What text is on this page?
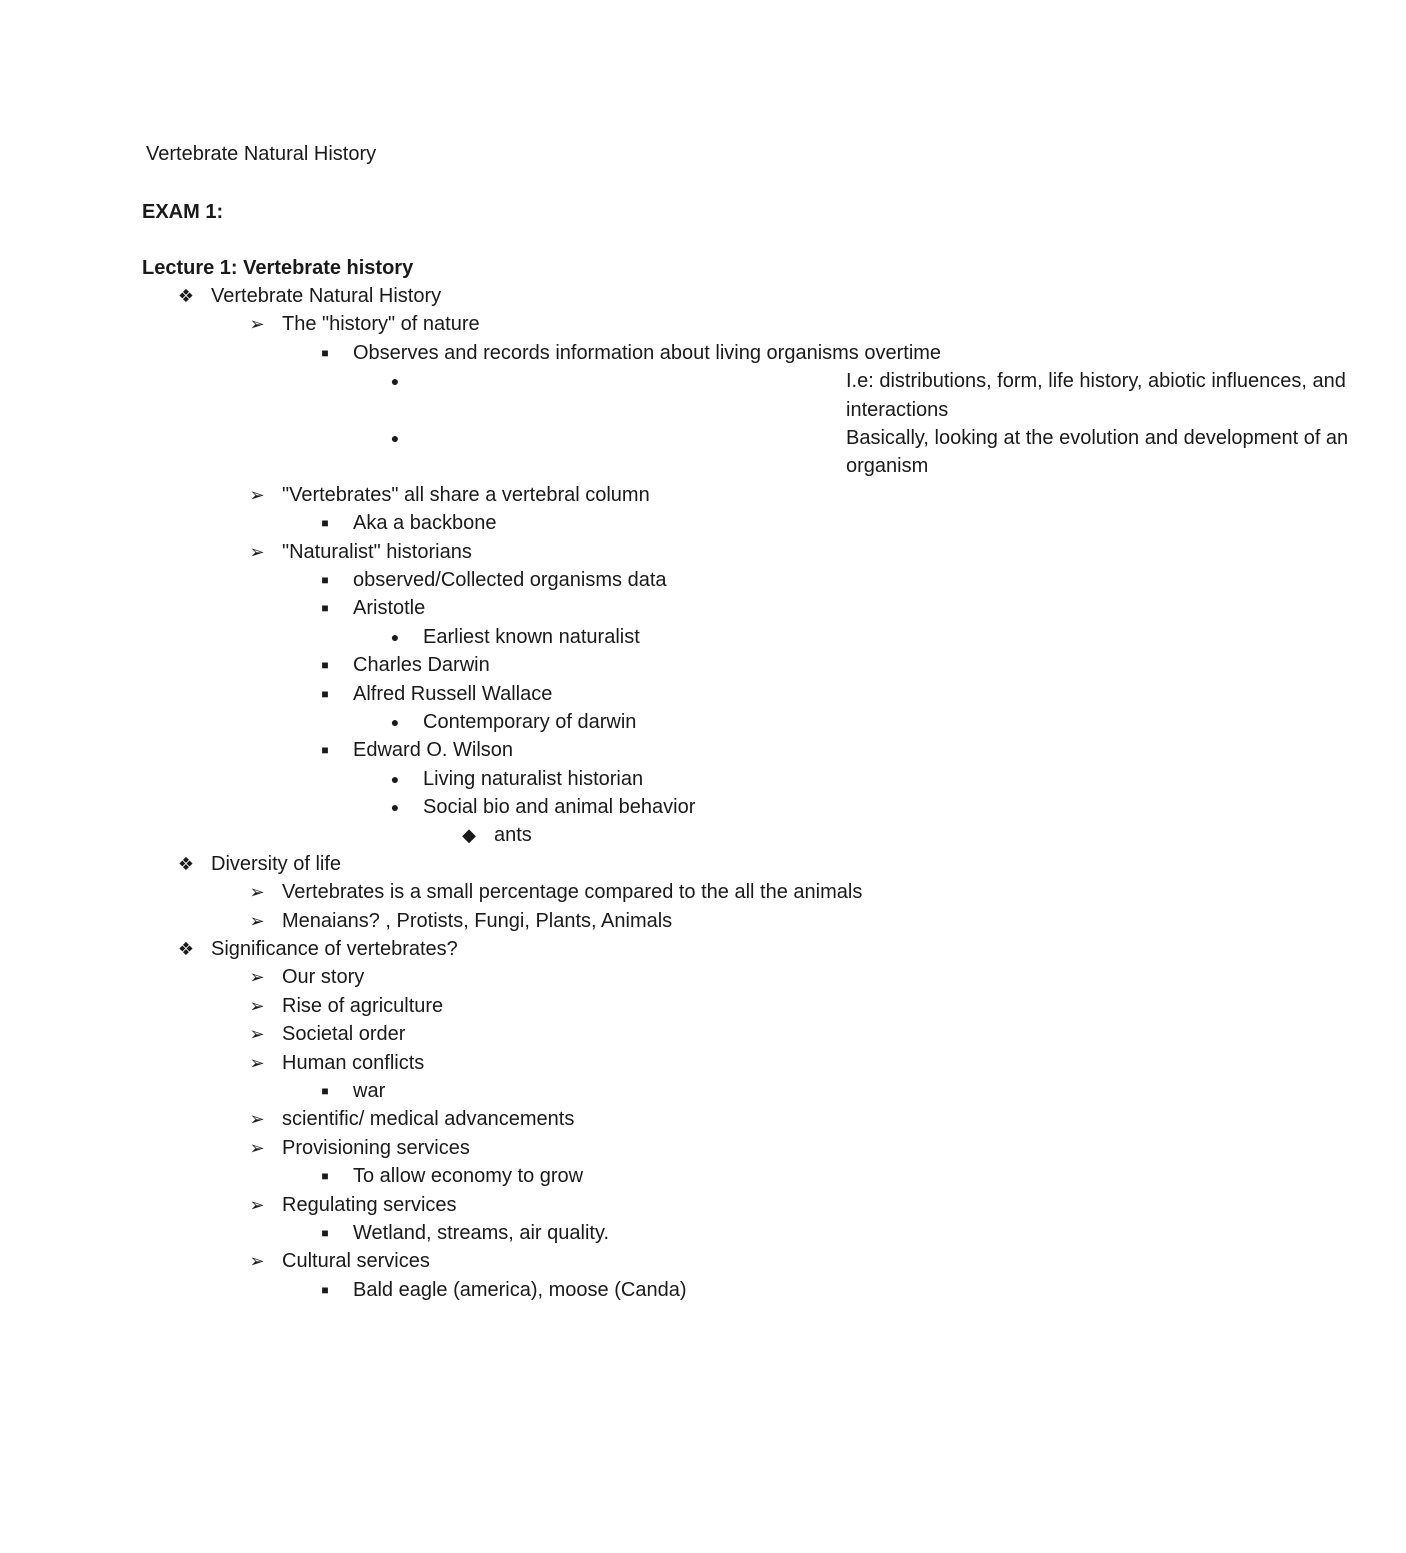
Vertebrate Natural History
EXAM 1:
Lecture 1: Vertebrate history
❖ Vertebrate Natural History
➢ The "history" of nature
■	Observes and records information about living organisms overtime
●	I.e: distributions, form, life history, abiotic influences, and interactions
●	Basically, looking at the evolution and development of an organism
➢ "Vertebrates" all share a vertebral column
■	Aka a backbone
➢ "Naturalist" historians
■	observed/Collected organisms data
■	Aristotle
● Earliest known naturalist
■	Charles Darwin
■	Alfred Russell Wallace
● Contemporary of darwin
■	Edward O. Wilson
● Living naturalist historian
● Social bio and animal behavior
◆ ants
❖ Diversity of life
➢ Vertebrates is a small percentage compared to the all the animals
➢ Menaians? , Protists, Fungi, Plants, Animals
❖ Significance of vertebrates?
➢ Our story
➢ Rise of agriculture
➢ Societal order
➢ Human conflicts
■	war
➢ scientific/ medical advancements
➢ Provisioning services
■	To allow economy to grow
➢ Regulating services
■	Wetland, streams, air quality.
➢ Cultural services
■	Bald eagle (america), moose (Canda)
